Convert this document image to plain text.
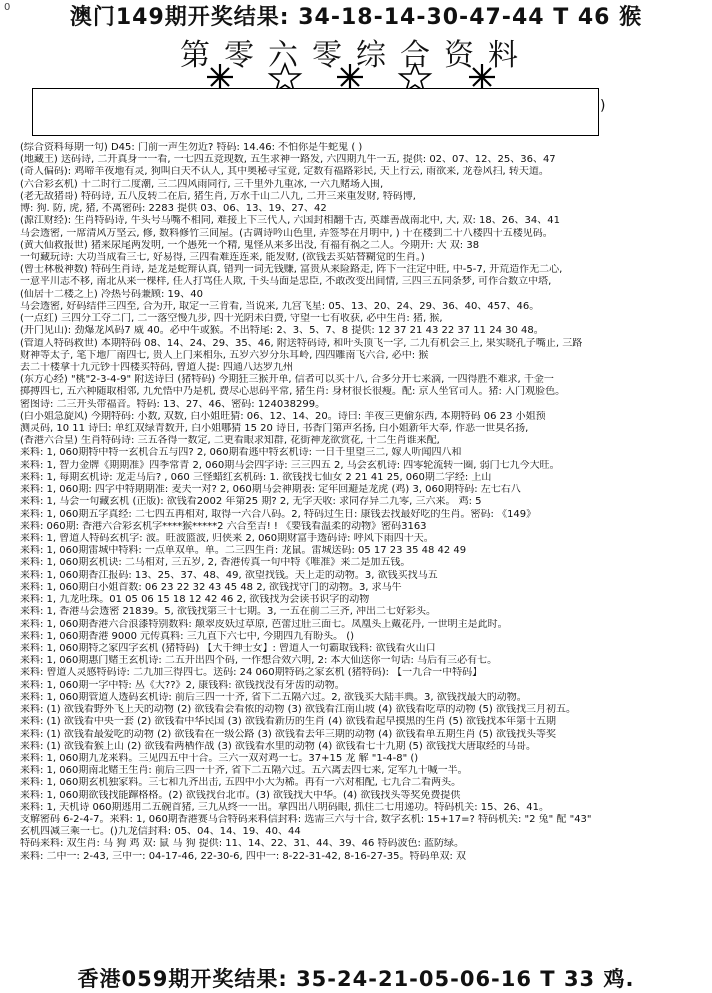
0	澳门149期开奖结果: 34-18-14-30-47-44 T 46 猴
第零六零综合资料
)
(综合资料每期一句) D45: 门前一声生勿近? 特码: 14.46: 不怕你是牛蛇鬼 ( )
(地藏王) 送码诗, 二开真身一一看, 一七四五竞现数, 五生求神一路发, 六四期九牛一五, 提供: 02、07、12、25、36、47
(奇人偏码): 鸡啼羊夜地有灵, 狗叫白天不认人, 其中奥秘寻宝竟, 定数有福路彩民, 天上行云, 雨欲来, 龙卷风扫, 转天道。
(六合彩玄机) 十二时行二度潮, 三二四风雨同行, 三千里外九重冰, 一六九赌场入围,
(老无敌猪哥) 特码诗, 五八反转二在后, 猪生肖, 万水千山二八九, 二开三来重发财, 特码博,
博: 狗. 防, 虎, 猪, 不离密码: 2283 提供 03、06、13、19、27、42
(源江财经): 生肖特码诗, 牛头号马嘴不相同, 难接上下三代人, 六国封相翻千古, 英雄善战南北中, 大, 双: 18、26、34、41
马会透密, 一席清风万坚云, 修, 数料修竹三间屋。(古调诗吟山色里, 弄签琴在月明中, ) 十在楼到二十八楼四十五楼见码。
(黄大仙救报世) 猪来尿尾两发明, 一个愚死一个精, 鬼怪从来多出没, 有福有祸之二人。今期开: 大 双: 38
一句藏玩诗: 大功当成看三七, 好易得, 三四看难连连来, 能发财, (欲钱去买姑替糊觉的生肖。)
(曾士林极神数) 特码生肖诗, 是龙是蛇辩认真, 错判一词无钱赚, 富贵从来险路走, 阵下一注定中旺, 中-5-7, 开荒造作无二心,
一意平川志不移, 南北从来一棵样, 任人打骂任人欺, 千头马面是忠臣, 不敢改变出间情, 三四三五同条梦, 可作合数立中塔,
(仙居十二楼之上) 冷热号码兼顾: 19、40
马会透密, 好码结伴三四至, 合为开, 取定一三肯看, 当说来, 九宫飞星: 05、13、20、24、29、36、40、457、46。
(一点红) 三四分工夺二门, 二一落空慢九步, 四十光阴未白费, 守望一七有收获, 必中生肖: 猪, 猴,
(开门见山): 劲爆龙风码7 威 40。必中牛或猴。不出特尾: 2、3、5、7、8 提供: 12 37 21 43 22 37 11 24 30 48。
(管道人特码救世) 本期特码 08、14、24、29、35、46, 附送特码诗, 和叶头顶飞一字, 二九有机会三上, 果实晓孔子嘴止, 三路
财神等太子, 笔下地厂南四七, 贵人上门来相乐, 五岁六岁分乐耳岭, 四四雕南飞六合, 必中: 猴
去二十楼拿十九元钞十四楼买特码, 曾道人提: 四通八达罗九州
(东方心经) "桃"2-3-4-9" 附送诗曰 (猪特码) 今期狂三猴开单, 信者可以买十八, 合多分开七来滴, 一四得胜不难求, 千金一
掷搏四七, 五六种随取相邻, 九允悟中乃是机, 费尽心思码平常, 猪生肖: 身材很长很瘦。配: 京人坐官司人。猪: 入门观脸色。
密图诗: 二三开头带福音。特码: 13、27、46、密码: 124038299。
(白小姐急旋风) 今期特码: 小数, 双数, 白小姐旺猜: 06、12、14、20。诗曰: 羊夜三更偷东西, 本期特码 06 23 小姐预
测灵码, 10 11 诗曰: 单红双绿青数开, 白小姐哪猜 15 20 诗日, 书香门第声名扬, 白小姐新年大奉, 作恶一世臭名扬,
(香港六合皇) 生肖特码诗: 三五各得一数定, 二更看眼求知群, 花街神龙欲赏花, 十二生肖谁来配,
来料: 1, 060期特中特一玄机合五与四? 2, 060期看逃中特玄机诗: 一日千里望三二, 嫁人听闻四八和
来料: 1, 智力金牌《期期准》四季常青 2, 060期马会四字诗: 三三四五 2, 马会玄机诗: 四零轮流转一圈, 弱门七九今大旺。
来料: 1, 每期玄机诗: 龙走马后? , 060 三怪蜡红玄机码: 1. 欲钱找七仙女 2 21 41 25, 060期二字经: 上山
来料: 1, 060期: 四字中特期期准: 麦夫一对? 2, 060期马会神期表: 定年回避是龙虎 (鸡) 3, 060期特码: 左七右八
来料: 1, 马会一句藏玄机 (正版): 欲钱看2002 年第25 期? 2, 无字天收: 求同存异二九零, 三六来。 鸡: 5
来料: 1, 060期五字真经: 二七四五再相对, 取得一六合八码。2, 特码过生日: 康钱去找最好吃的生肖。密码: 《149》
来料: 060期: 香港六合彩玄机字****猴*****2 六合至吉! ! 《要钱看温柔的动物》密码3163
来料: 1, 曾道人特码玄机字: 波。旺波篮波, 归侠来 2, 060期财富手透码诗: 呼风下雨四十天。
来料: 1, 060期雷城中特料: 一点单双单。单。二三四生肖: 龙鼠。雷城送码: 05 17 23 35 48 42 49
来料: 1, 060期玄机诀: 二马相对, 三五岁, 2, 香港传真一句中特《唯准》来二是加五钱。
来料: 1, 060期香江报码: 13、25、37、48、49, 欲望找钱。天上走的动物。3, 欲钱买找马五
来料: 1, 060期白小姐首数: 06 23 22 32 43 45 48 2, 欲钱找守门的动物。3, 求马牛
来料: 1, 九龙吐珠。01 05 06 15 18 12 42 46 2, 欲钱找为会读书识字的动物
来料: 1, 香港马会透密 21839。5, 欲钱找第三十七期。3, 一五在前二三齐, 冲出二七好彩头。
来料: 1, 060期香港六合浪漆特别数料: 颠翠皮妖过草原, 芭蕾过肚三面七。凤凰头上戴花丹, 一世明主是此时。
来料: 1, 060期香港 9000 元传真料: 三九直下六七中, 今期四九有盼头。 ()
来料: 1, 060期特之家四字玄机 (猪特码) 【大千绅士女】: 曾道人一句霸取钱料: 欲钱看火山口
来料: 1, 060期惠门赌王玄机诗: 二五开出四个码, 一作想合效六明, 2: 本大仙送你一句话: 马后有三必有七。
来料: 曾道人灵感特码诗: 二九加三得四七。送码: 24 060期特码之家玄机 (猪特码): 【一九合一中特码】
来料: 1, 060期一字中特: 丛《大??》2, 康钱料: 欲钱找没有牙齿的动物。
来料: 1, 060期管道人透码玄机诗: 前后三四一十齐, 省下二五隔六过。2, 欲钱买大陆丰典。3, 欲钱找最大的动物。
来料: (1) 欲钱看野外飞上天的动物 (2) 欲钱看会看侬的动物 (3) 欲钱看江南山坡 (4) 欲钱看吃草的动物 (5) 欲钱找三月初五。
来料: (1) 欲钱看中央一套 (2) 欲钱看中华民国 (3) 欲钱看新历的生肖 (4) 欲钱看起早摸黑的生肖 (5) 欲钱找本年第十五期
来料: (1) 欲钱看最爱吃的动物 (2) 欲钱看在一级公路 (3) 欲钱看去年三期的动物 (4) 欲钱看单五期生肖 (5) 欲钱找头等奖
来料: (1) 欲钱看猴上山 (2) 欲钱看两栖作战 (3) 欲钱看水里的动物 (4) 欲钱看七十九期 (5) 欲钱找大唐取经的马哥。
来料: 1, 060期九龙来料。三见四五中十合。三六一双对鸡一七。37+15 龙 解 "1-4-8" ()
来料: 1, 060期南北赌王生肖: 前后三四一十齐, 省下二五隔六过。五六离去四七来, 定军九十喊一半。
来料: 1, 060期玄机独家料。三七和九齐出击, 五四中小大为稀。再有一六对相配, 七九合二看两头。
来料: 1, 060期欲钱找能蹿格格。(2) 欲钱找台北市。(3) 欲钱找大中华。(4) 欲钱找头等奖免费提供
来料: 1, 天机诗 060期逃用二五碗首猪, 三九从终一一出。拿四出八明码眼, 抓住二七用递功。特码机关: 15、26、41。
支解密码 6-2-4-7。来料: 1, 060期香港赛马合特码来料信封料: 选需三六与十合, 数字玄机: 15+17=? 特码机关: "2 兔" 配 "43"
玄机四减三乘一七。()九龙信封料: 05、04、14、19、40、44
特码来料: 双生肖: 马 狗 鸡 双: 鼠 马 狗 提供: 11、14、22、31、44、39、46 特码波色: 蓝防绿。
来料: 二中一: 2-43, 三中一: 04-17-46, 22-30-6, 四中一: 8-22-31-42, 8-16-27-35。特码单双: 双
香港059期开奖结果: 35-24-21-05-06-16 T 33 鸡.
